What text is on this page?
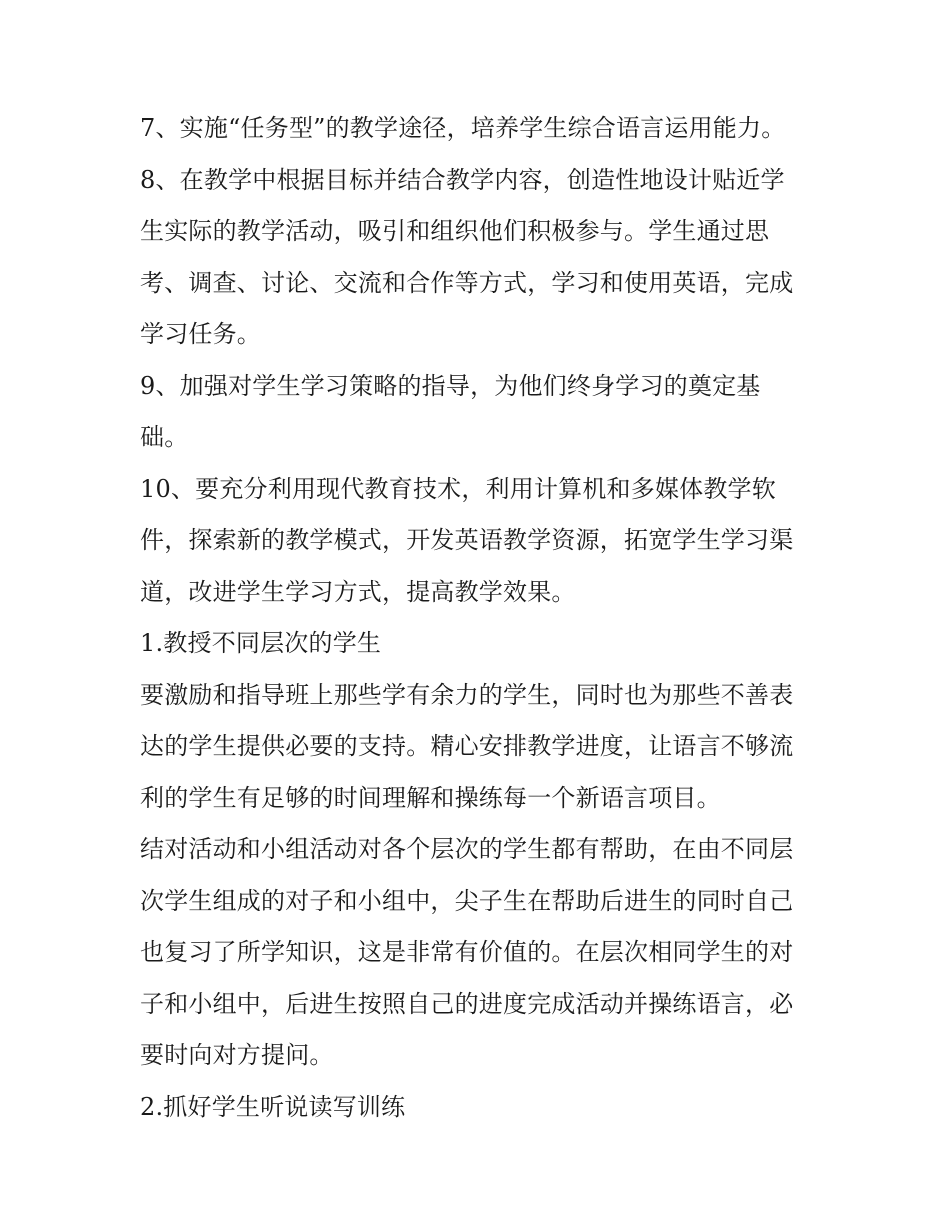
7、实施“任务型”的教学途径，培养学生综合语言运用能力。
8、在教学中根据目标并结合教学内容，创造性地设计贴近学
生实际的教学活动，吸引和组织他们积极参与。学生通过思
考、调查、讨论、交流和合作等方式，学习和使用英语，完成
学习任务。
9、加强对学生学习策略的指导，为他们终身学习的奠定基
础。
10、要充分利用现代教育技术，利用计算机和多媒体教学软
件，探索新的教学模式，开发英语教学资源，拓宽学生学习渠
道，改进学生学习方式，提高教学效果。
1.教授不同层次的学生
要激励和指导班上那些学有余力的学生，同时也为那些不善表
达的学生提供必要的支持。精心安排教学进度，让语言不够流
利的学生有足够的时间理解和操练每一个新语言项目。
结对活动和小组活动对各个层次的学生都有帮助，在由不同层
次学生组成的对子和小组中，尖子生在帮助后进生的同时自己
也复习了所学知识，这是非常有价值的。在层次相同学生的对
子和小组中，后进生按照自己的进度完成活动并操练语言，必
要时向对方提问。
2.抓好学生听说读写训练
